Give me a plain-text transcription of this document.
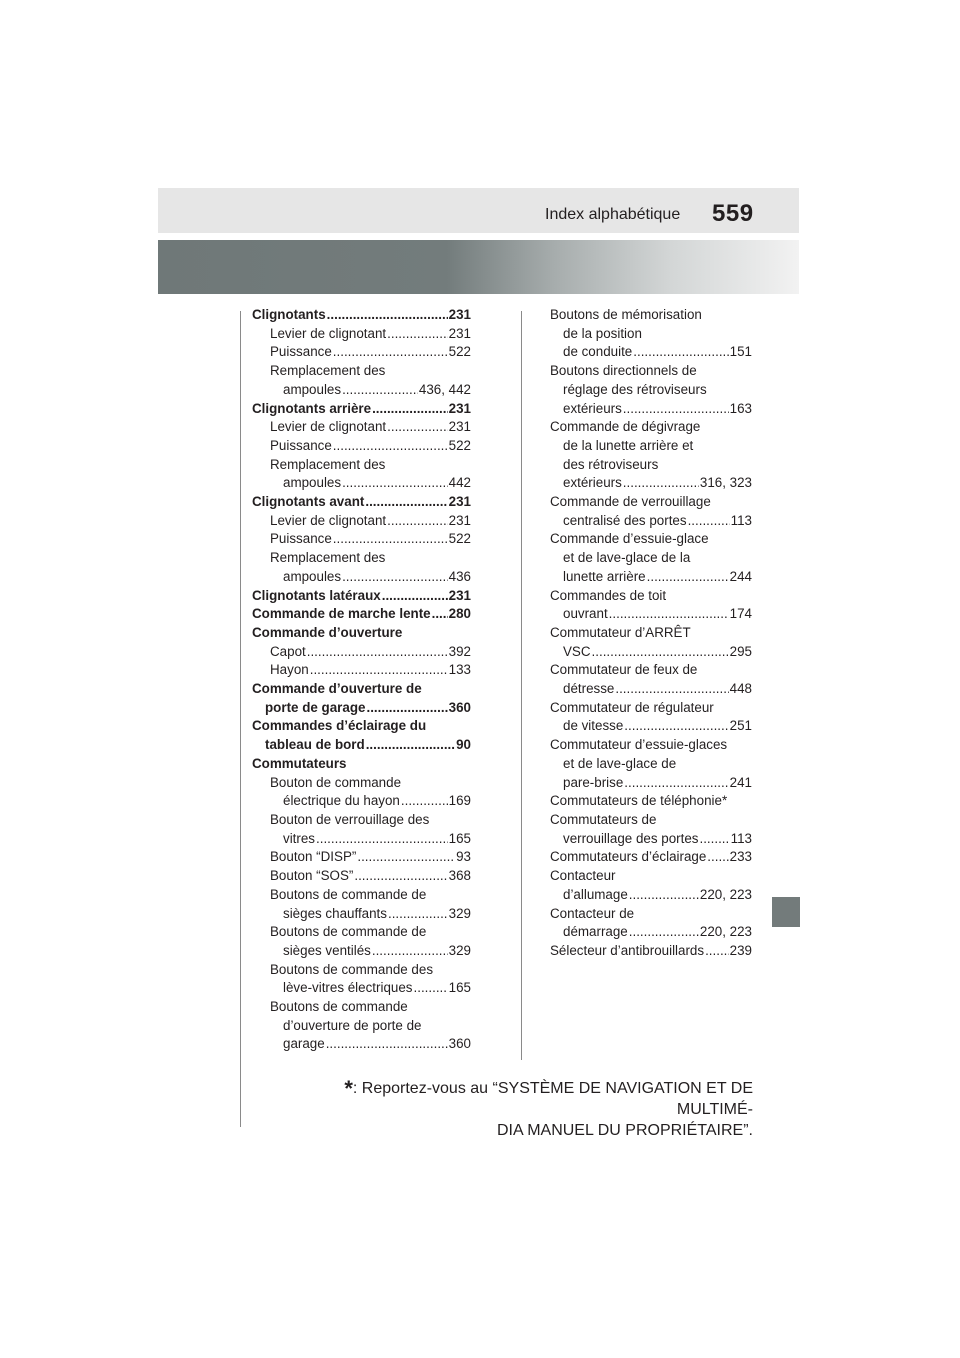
Index alphabétique 559
Clignotants .....	231
Levier de clignotant .....	231
Puissance .....	522
Remplacement des
ampoules .....	436, 442
Clignotants arrière .....	231
Levier de clignotant .....	231
Puissance .....	522
Remplacement des
ampoules .....	442
Clignotants avant .....	231
Levier de clignotant .....	231
Puissance .....	522
Remplacement des
ampoules .....	436
Clignotants latéraux .....	231
Commande de marche lente ..... 280
Commande d’ouverture
Capot .....	392
Hayon .....	133
Commande d’ouverture de
porte de garage .....	360
Commandes d’éclairage du
tableau de bord .....	90
Commutateurs
Bouton de commande
électrique du hayon .....	169
Bouton de verrouillage des
vitres .....	165
Bouton “DISP” .....	93
Bouton “SOS” .....	368
Boutons de commande de
sièges chauffants .....	329
Boutons de commande de
sièges ventilés .....	329
Boutons de commande des
lève-vitres électriques .....	165
Boutons de commande
d’ouverture de porte de
garage .....	360
Boutons de mémorisation
de la position
de conduite .....	151
Boutons directionnels de
réglage des rétroviseurs
extérieurs .....	163
Commande de dégivrage
de la lunette arrière et
des rétroviseurs
extérieurs .....	316, 323
Commande de verrouillage
centralisé des portes .....	113
Commande d’essuie-glace
et de lave-glace de la
lunette arrière .....	244
Commandes de toit
ouvrant .....	174
Commutateur d’ARRÊT
VSC .....	295
Commutateur de feux de
détresse .....	448
Commutateur de régulateur
de vitesse .....	251
Commutateur d’essuie-glaces
et de lave-glace de
pare-brise .....	241
Commutateurs de téléphonie*
Commutateurs de
verrouillage des portes ..... 113
Commutateurs d’éclairage ..... 233
Contacteur
d’allumage .....	220, 223
Contacteur de
démarrage .....	220, 223
Sélecteur d’antibrouillards ..... 239
*: Reportez-vous au “SYSTÈME DE NAVIGATION ET DE MULTIMÉ-
DIA MANUEL DU PROPRIÉTAIRE”.
